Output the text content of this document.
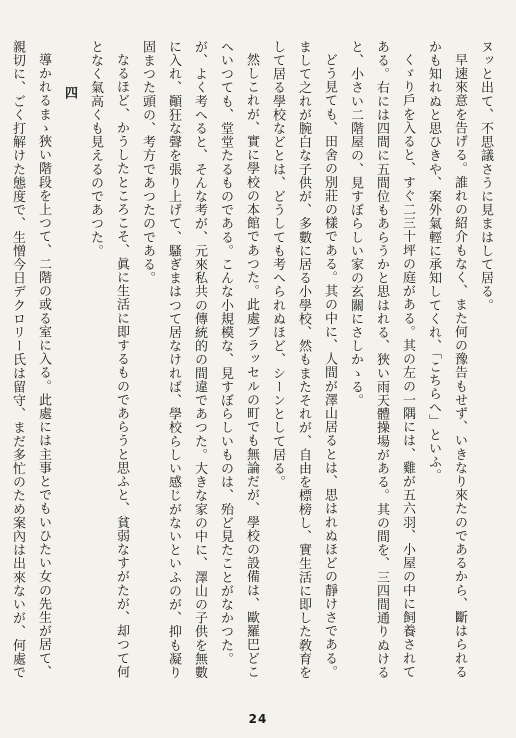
ヌッと出て、不思議さうに見まはして居る。

早速來意を告げる。誰れの紹介もなく、また何の豫告もせず、いきなり來たのであるから、斷はられるかも知れぬと思ひきや、案外氣輕に承知してくれ、「こちらへ」といふ。

くゞり戶を入ると、すぐ二三十坪の庭がある。其の左の一隅には、雞が五六羽、小屋の中に飼養されてある。右には四間に五間位もあらうかと思はれる、狹い雨天體操場がある。其の間を、三四間通りぬけると、小さい二階屋の、見すぼらしい家の玄關にさしかゝる。

どう見ても、田舍の別莊の樣である。其の中に、人間が澤山居るとは、思はれぬほどの靜けさである。まして之れが腕白な子供が、多數に居る小學校、然もまたそれが、自由を標榜し、實生活に即した敎育をして居る學校などとは、どうしても考へられぬほど、シーンとして居る。

然しこれが、實に學校の本館であつた。此處ブラッセルの町でも無論だが、學校の設備は、歐羅巴どこへいつても、堂堂たるものである。こんな小規模な、見すぼらしいものは、殆ど見たことがなかつた。が、よく考へると、そんな考が、元來私共の傳統的の間違であつた。大きな家の中に、澤山の子供を無數に入れ、顚狂な聲を張り上げて、騷ぎまはつて居なければ、學校らしい感じがないといふのが、抑も凝り固まつた頭の、考方であつたのである。

なるほど、かうしたところこそ、眞に生活に即するものであらうと思ふと、貧弱なすがたが、却つて何となく氣高くも見えるのであつた。

四

導かれるまゝ狹い階段を上つて、二階の或る室に入る。此處には主事とでもいひたい女の先生が居て、親切に、ごく打解けた態度で、生憎今日デクロリー氏は留守、まだ多忙のため案內は出來ないが、何處で

24
